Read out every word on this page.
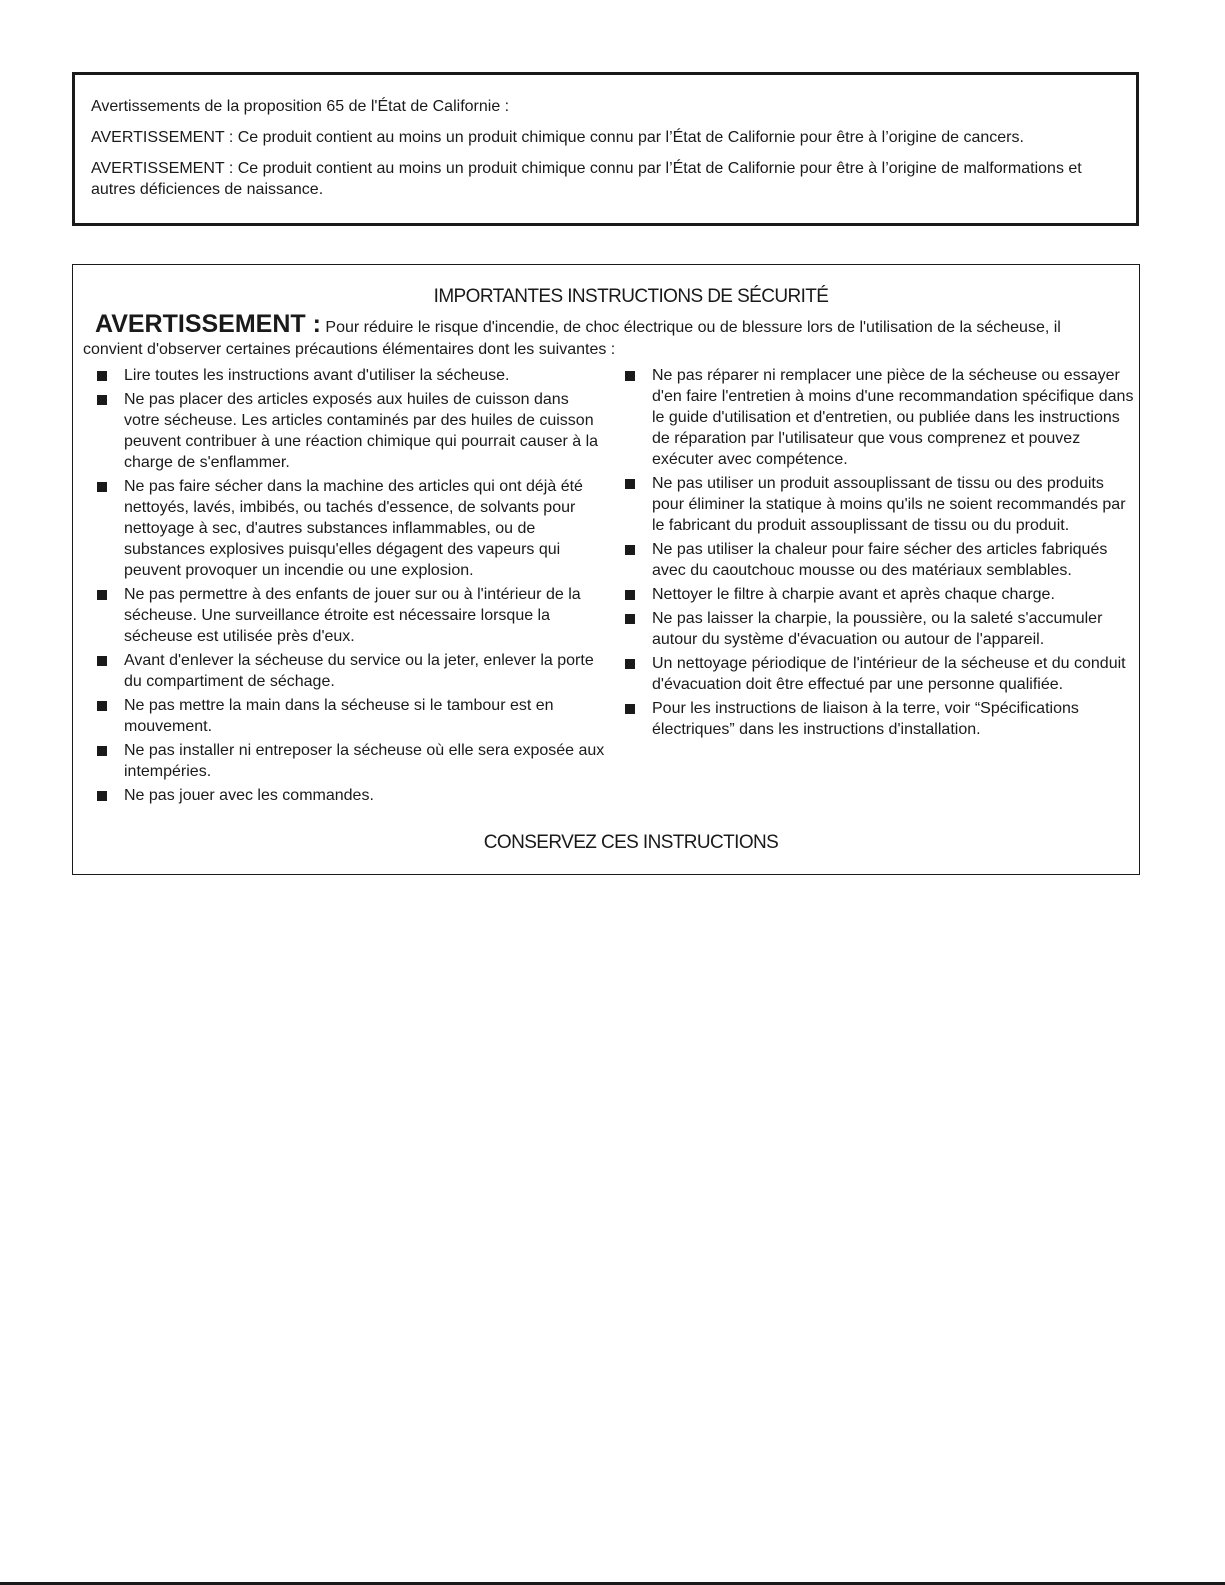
Avertissements de la proposition 65 de l'État de Californie :

AVERTISSEMENT : Ce produit contient au moins un produit chimique connu par l’État de Californie pour être à l’origine de cancers.

AVERTISSEMENT : Ce produit contient au moins un produit chimique connu par l’État de Californie pour être à l’origine de malformations et autres déficiences de naissance.

IMPORTANTES INSTRUCTIONS DE SÉCURITÉ
AVERTISSEMENT : Pour réduire le risque d'incendie, de choc électrique ou de blessure lors de l'utilisation de la sécheuse, il convient d'observer certaines précautions élémentaires dont les suivantes :
Lire toutes les instructions avant d'utiliser la sécheuse.
Ne pas placer des articles exposés aux huiles de cuisson dans votre sécheuse. Les articles contaminés par des huiles de cuisson peuvent contribuer à une réaction chimique qui pourrait causer à la charge de s'enflammer.
Ne pas faire sécher dans la machine des articles qui ont déjà été nettoyés, lavés, imbibés, ou tachés d'essence, de solvants pour nettoyage à sec, d'autres substances inflammables, ou de substances explosives puisqu'elles dégagent des vapeurs qui peuvent provoquer un incendie ou une explosion.
Ne pas permettre à des enfants de jouer sur ou à l'intérieur de la sécheuse. Une surveillance étroite est nécessaire lorsque la sécheuse est utilisée près d'eux.
Avant d'enlever la sécheuse du service ou la jeter, enlever la porte du compartiment de séchage.
Ne pas mettre la main dans la sécheuse si le tambour est en mouvement.
Ne pas installer ni entreposer la sécheuse où elle sera exposée aux intempéries.
Ne pas jouer avec les commandes.
Ne pas réparer ni remplacer une pièce de la sécheuse ou essayer d'en faire l'entretien à moins d'une recommandation spécifique dans le guide d'utilisation et d'entretien, ou publiée dans les instructions de réparation par l'utilisateur que vous comprenez et pouvez exécuter avec compétence.
Ne pas utiliser un produit assouplissant de tissu ou des produits pour éliminer la statique à moins qu'ils ne soient recommandés par le fabricant du produit assouplissant de tissu ou du produit.
Ne pas utiliser la chaleur pour faire sécher des articles fabriqués avec du caoutchouc mousse ou des matériaux semblables.
Nettoyer le filtre à charpie avant et après chaque charge.
Ne pas laisser la charpie, la poussière, ou la saleté s'accumuler autour du système d'évacuation ou autour de l'appareil.
Un nettoyage périodique de l'intérieur de la sécheuse et du conduit d'évacuation doit être effectué par une personne qualifiée.
Pour les instructions de liaison à la terre, voir “Spécifications électriques” dans les instructions d'installation.
CONSERVEZ CES INSTRUCTIONS
